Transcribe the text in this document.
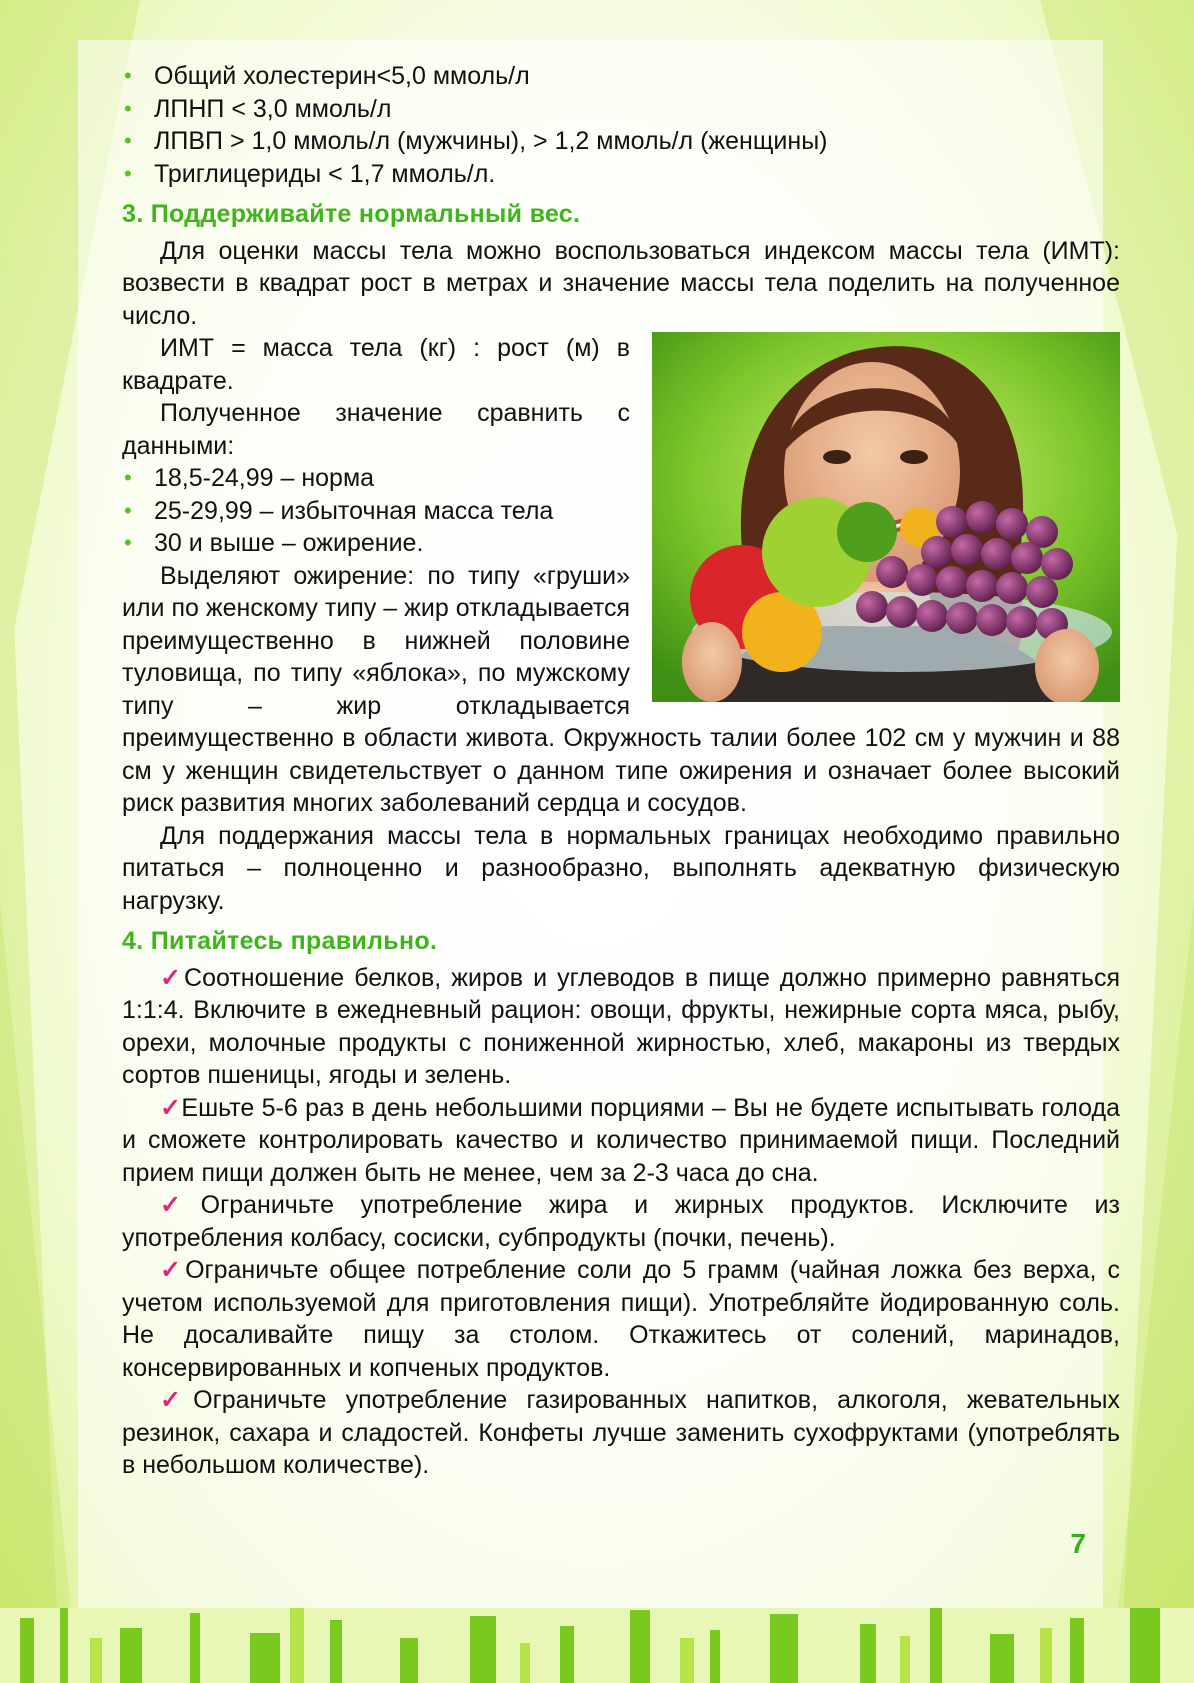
• Общий холестерин<5,0 ммоль/л
• ЛПНП < 3,0 ммоль/л
• ЛПВП > 1,0 ммоль/л (мужчины), > 1,2 ммоль/л (женщины)
• Триглицериды < 1,7 ммоль/л.
3. Поддерживайте нормальный вес.

Для оценки массы тела можно воспользоваться индексом массы тела (ИМТ): возвести в квадрат рост в метрах и значение массы тела поделить на полученное число.

ИМТ = масса тела (кг) : рост (м) в квадрате.

Полученное значение сравнить с данными:

• 18,5-24,99 – норма
• 25-29,99 – избыточная масса тела
• 30 и выше – ожирение.

Выделяют ожирение: по типу «груши» или по женскому типу – жир откладывается преимущественно в нижней половине туловища, по типу «яблока», по мужскому типу – жир откладывается преимущественно в области живота. Окружность талии более 102 см у мужчин и 88 см у женщин свидетельствует о данном типе ожирения и означает более высокий риск развития многих заболеваний сердца и сосудов.

Для поддержания массы тела в нормальных границах необходимо правильно питаться – полноценно и разнообразно, выполнять адекватную физическую нагрузку.

4. Питайтесь правильно.

✓Соотношение белков, жиров и углеводов в пище должно примерно равняться 1:1:4. Включите в ежедневный рацион: овощи, фрукты, нежирные сорта мяса, рыбу, орехи, молочные продукты с пониженной жирностью, хлеб, макароны из твердых сортов пшеницы, ягоды и зелень.

✓Ешьте 5-6 раз в день небольшими порциями – Вы не будете испытывать голода и сможете контролировать качество и количество принимаемой пищи. Последний прием пищи должен быть не менее, чем за 2-3 часа до сна.

✓Ограничьте употребление жира и жирных продуктов. Исключите из употребления колбасу, сосиски, субпродукты (почки, печень).

✓Ограничьте общее потребление соли до 5 грамм (чайная ложка без верха, с учетом используемой для приготовления пищи). Употребляйте йодированную соль. Не досаливайте пищу за столом. Откажитесь от солений, маринадов, консервированных и копченых продуктов.

✓Ограничьте употребление газированных напитков, алкоголя, жевательных резинок, сахара и сладостей. Конфеты лучше заменить сухофруктами (употреблять в небольшом количестве).

7
